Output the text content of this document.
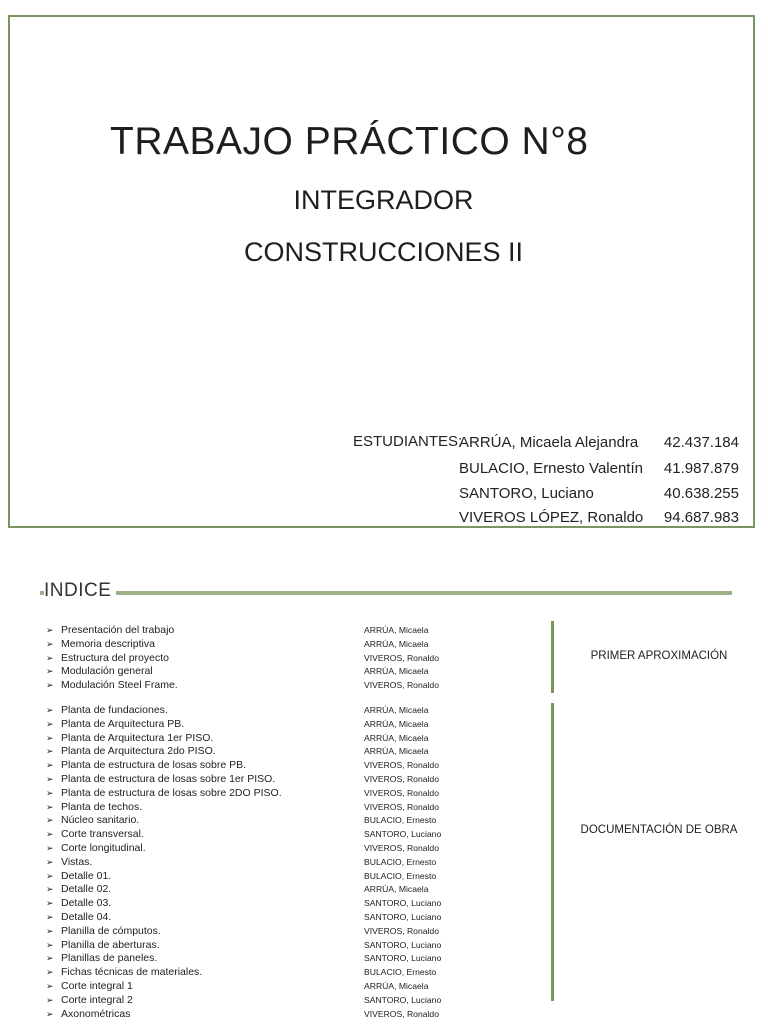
TRABAJO PRÁCTICO N°8
INTEGRADOR
CONSTRUCCIONES II
ESTUDIANTES:
ARRÚA, Micaela Alejandra 42.437.184
BULACIO, Ernesto Valentín 41.987.879
SANTORO, Luciano	40.638.255
VIVEROS LÓPEZ, Ronaldo 94.687.983
INDICE
➢ Presentación del trabajo	ARRÚA, Micaela
➢ Memoria descriptiva	ARRÚA, Micaela
➢ Estructura del proyecto	VIVEROS, Ronaldo
➢ Modulación general	ARRÚA, Micaela
➢ Modulación Steel Frame.	VIVEROS, Ronaldo
PRIMER APROXIMACIÓN
➢ Planta de fundaciones.	ARRÚA, Micaela
➢ Planta de Arquitectura PB.	ARRÚA, Micaela
➢ Planta de Arquitectura 1er PISO.	ARRÚA, Micaela
➢ Planta de Arquitectura 2do PISO.	ARRÚA, Micaela
➢ Planta de estructura de losas sobre PB.	VIVEROS, Ronaldo
➢ Planta de estructura de losas sobre 1er PISO.	VIVEROS, Ronaldo
➢ Planta de estructura de losas sobre 2DO PISO.	VIVEROS, Ronaldo
➢ Planta de techos.	VIVEROS, Ronaldo
➢ Núcleo sanitario.	BULACIO, Ernesto
➢ Corte transversal.	SANTORO, Luciano
➢ Corte longitudinal.	VIVEROS, Ronaldo
➢ Vistas.	BULACIO, Ernesto
➢ Detalle 01.	BULACIO, Ernesto
➢ Detalle 02.	ARRÚA, Micaela
➢ Detalle 03.	SANTORO, Luciano
➢ Detalle 04.	SANTORO, Luciano
➢ Planilla de cómputos.	VIVEROS, Ronaldo
➢ Planilla de aberturas.	SANTORO, Luciano
➢ Planillas de paneles.	SANTORO, Luciano
➢ Fichas técnicas de materiales.	BULACIO, Ernesto
➢ Corte integral 1	ARRÚA, Micaela
➢ Corte integral 2	SANTORO, Luciano
➢ Axonométricas	VIVEROS, Ronaldo
DOCUMENTACIÓN DE OBRA
